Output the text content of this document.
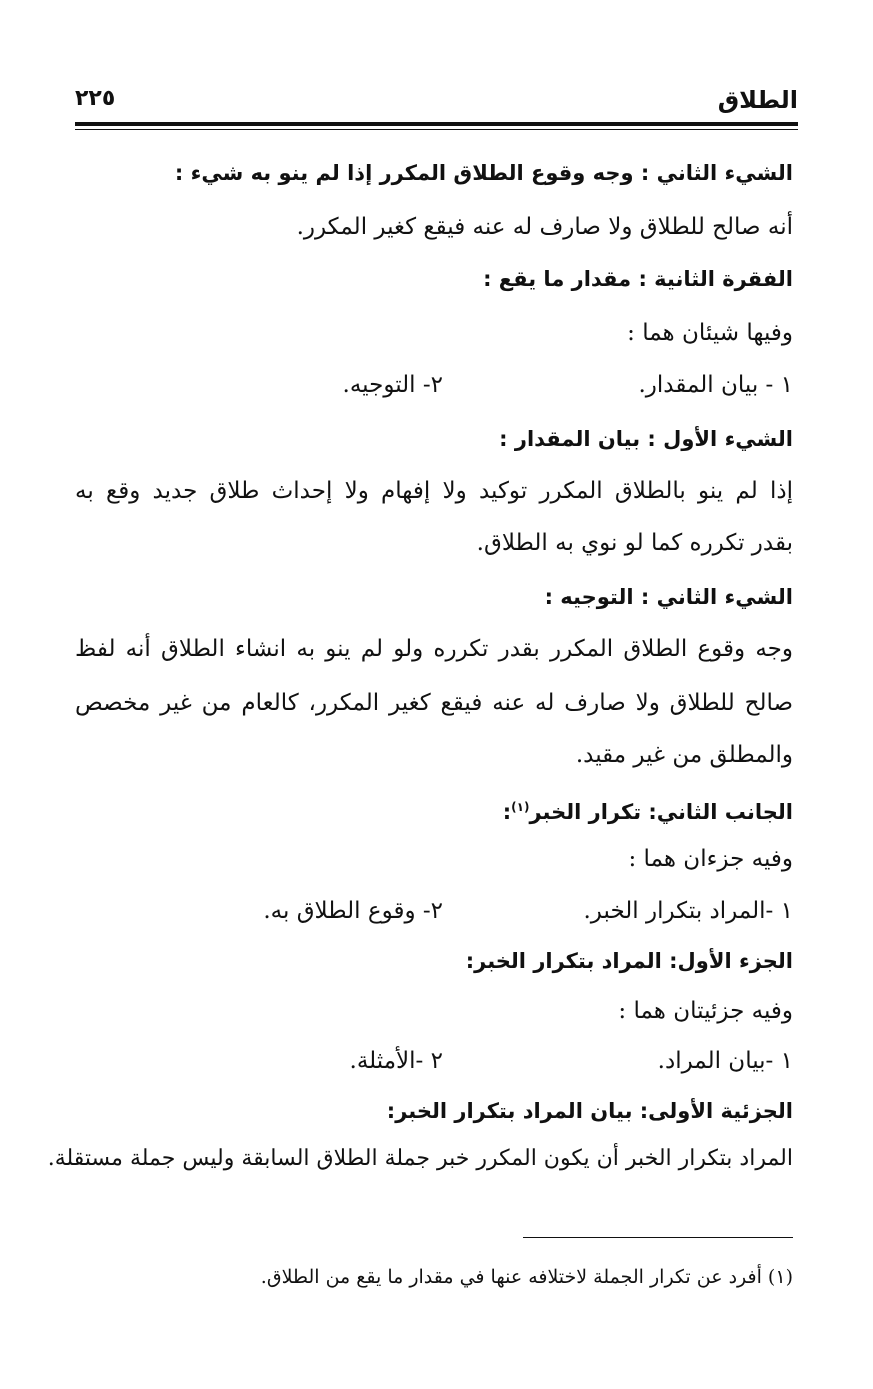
الطلاق
٢٢٥
الشيء الثاني : وجه وقوع الطلاق المكرر إذا لم ينو به شيء :
أنه صالح للطلاق ولا صارف له عنه فيقع كغير المكرر.
الفقرة الثانية : مقدار ما يقع :
وفيها شيئان هما :
١ - بيان المقدار.
٢- التوجيه.
الشيء الأول : بيان المقدار :
إذا لم ينو بالطلاق المكرر توكيد ولا إفهام ولا إحداث طلاق جديد وقع به
بقدر تكرره كما لو نوي به الطلاق.
الشيء الثاني : التوجيه :
وجه وقوع الطلاق المكرر بقدر تكرره ولو لم ينو به انشاء الطلاق أنه لفظ
صالح للطلاق ولا صارف له عنه فيقع كغير المكرر، كالعام من غير مخصص
والمطلق من غير مقيد.
الجانب الثاني: تكرار الخبر$^{(١)}$:
وفيه جزءان هما :
١ -المراد بتكرار الخبر.
٢- وقوع الطلاق به.
الجزء الأول: المراد بتكرار الخبر:
وفيه جزئيتان هما :
١ -بيان المراد.
٢ -الأمثلة.
الجزئية الأولى: بيان المراد بتكرار الخبر:
المراد بتكرار الخبر أن يكون المكرر خبر جملة الطلاق السابقة وليس جملة مستقلة.
(١) أفرد عن تكرار الجملة لاختلافه عنها في مقدار ما يقع من الطلاق.
